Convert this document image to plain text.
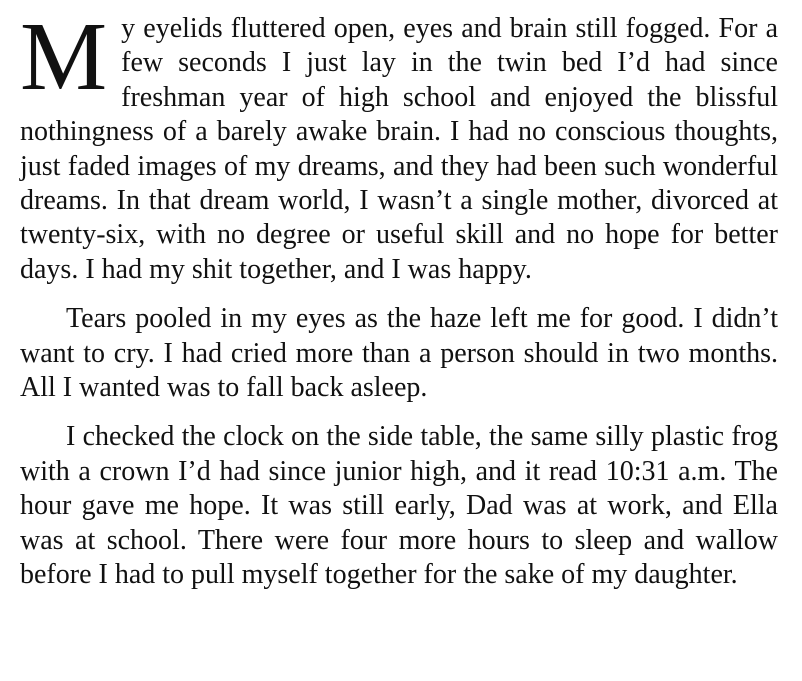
My eyelids fluttered open, eyes and brain still fogged. For a few seconds I just lay in the twin bed I’d had since freshman year of high school and enjoyed the blissful nothingness of a barely awake brain. I had no conscious thoughts, just faded images of my dreams, and they had been such wonderful dreams. In that dream world, I wasn’t a single mother, divorced at twenty-six, with no degree or useful skill and no hope for better days. I had my shit together, and I was happy.

Tears pooled in my eyes as the haze left me for good. I didn’t want to cry. I had cried more than a person should in two months. All I wanted was to fall back asleep.

I checked the clock on the side table, the same silly plastic frog with a crown I’d had since junior high, and it read 10:31 a.m. The hour gave me hope. It was still early, Dad was at work, and Ella was at school. There were four more hours to sleep and wallow before I had to pull myself together for the sake of my daughter.
